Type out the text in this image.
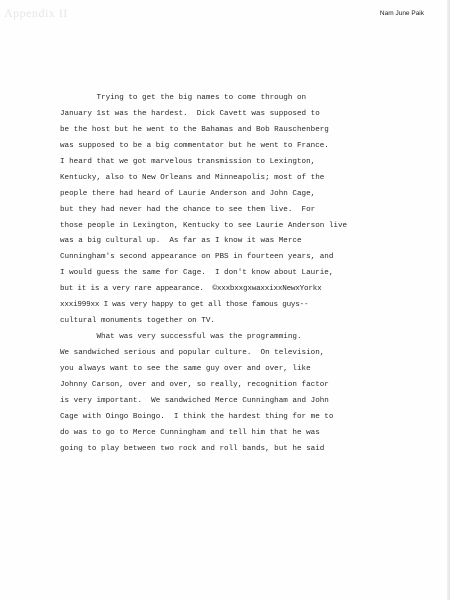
Appendix II	Nam June Paik
Trying to get the big names to come through on
January 1st was the hardest.  Dick Cavett was supposed to
be the host but he went to the Bahamas and Bob Rauschenberg
was supposed to be a big commentator but he went to France.
I heard that we got marvelous transmission to Lexington,
Kentucky, also to New Orleans and Minneapolis; most of the
people there had heard of Laurie Anderson and John Cage,
but they had never had the chance to see them live.  For
those people in Lexington, Kentucky to see Laurie Anderson live
was a big cultural up.  As far as I know it was Merce
Cunningham's second appearance on PBS in fourteen years, and
I would guess the same for Cage.  I don't know about Laurie,
but it is a very rare appearance.  ©xxxbxxgxwaxxixxNewxYorkx
xxxi999xx I was very happy to get all those famous guys--
cultural monuments together on TV.
What was very successful was the programming.
We sandwiched serious and popular culture.  On television,
you always want to see the same guy over and over, like
Johnny Carson, over and over, so really, recognition factor
is very important.  We sandwiched Merce Cunningham and John
Cage with Oingo Boingo.  I think the hardest thing for me to
do was to go to Merce Cunningham and tell him that he was
going to play between two rock and roll bands, but he said
